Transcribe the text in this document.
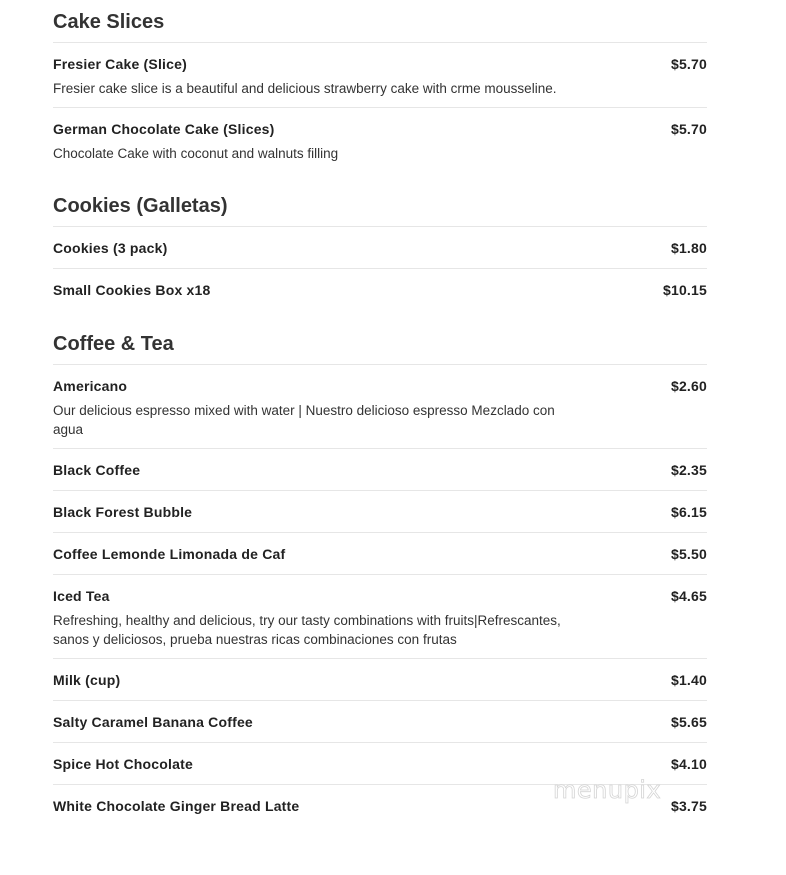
Cake Slices
Fresier Cake (Slice)	$5.70
Fresier cake slice is a beautiful and delicious strawberry cake with crme mousseline.
German Chocolate Cake (Slices)	$5.70
Chocolate Cake with coconut and walnuts filling
Cookies (Galletas)
Cookies (3 pack)	$1.80
Small Cookies Box x18	$10.15
Coffee & Tea
Americano	$2.60
Our delicious espresso mixed with water | Nuestro delicioso espresso Mezclado con agua
Black Coffee	$2.35
Black Forest Bubble	$6.15
Coffee Lemonde Limonada de Caf	$5.50
Iced Tea	$4.65
Refreshing, healthy and delicious, try our tasty combinations with fruits|Refrescantes, sanos y deliciosos, prueba nuestras ricas combinaciones con frutas
Milk (cup)	$1.40
Salty Caramel Banana Coffee	$5.65
Spice Hot Chocolate	$4.10
White Chocolate Ginger Bread Latte	$3.75
menupix
